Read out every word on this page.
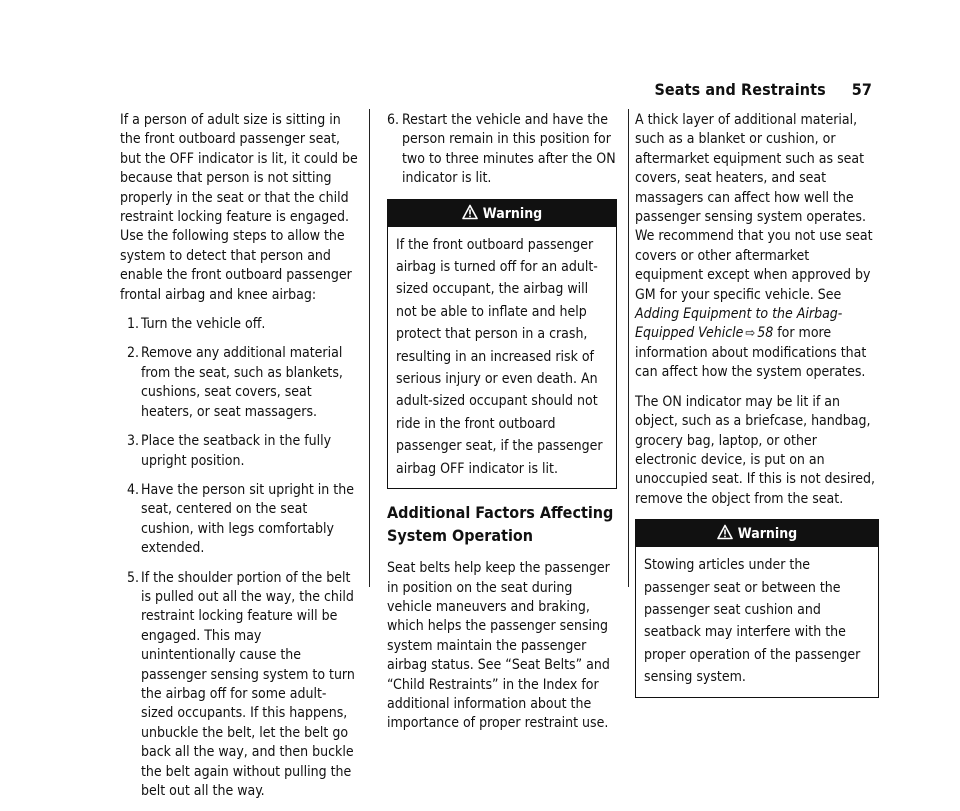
Seats and Restraints 57

If a person of adult size is sitting in the front outboard passenger seat, but the OFF indicator is lit, it could be because that person is not sitting properly in the seat or that the child restraint locking feature is engaged. Use the following steps to allow the system to detect that person and enable the front outboard passenger frontal airbag and knee airbag:

1. Turn the vehicle off.
2. Remove any additional material from the seat, such as blankets, cushions, seat covers, seat heaters, or seat massagers.
3. Place the seatback in the fully upright position.
4. Have the person sit upright in the seat, centered on the seat cushion, with legs comfortably extended.
5. If the shoulder portion of the belt is pulled out all the way, the child restraint locking feature will be engaged. This may unintentionally cause the passenger sensing system to turn the airbag off for some adult-sized occupants. If this happens, unbuckle the belt, let the belt go back all the way, and then buckle the belt again without pulling the belt out all the way.
6. Restart the vehicle and have the person remain in this position for two to three minutes after the ON indicator is lit.
Warning
If the front outboard passenger airbag is turned off for an adult-sized occupant, the airbag will not be able to inflate and help protect that person in a crash, resulting in an increased risk of serious injury or even death. An adult-sized occupant should not ride in the front outboard passenger seat, if the passenger airbag OFF indicator is lit.
Additional Factors Affecting System Operation

Seat belts help keep the passenger in position on the seat during vehicle maneuvers and braking, which helps the passenger sensing system maintain the passenger airbag status. See “Seat Belts” and “Child Restraints” in the Index for additional information about the importance of proper restraint use.

A thick layer of additional material, such as a blanket or cushion, or aftermarket equipment such as seat covers, seat heaters, and seat massagers can affect how well the passenger sensing system operates. We recommend that you not use seat covers or other aftermarket equipment except when approved by GM for your specific vehicle. See Adding Equipment to the Airbag-Equipped Vehicle ⇨ 58 for more information about modifications that can affect how the system operates.

The ON indicator may be lit if an object, such as a briefcase, handbag, grocery bag, laptop, or other electronic device, is put on an unoccupied seat. If this is not desired, remove the object from the seat.

Warning
Stowing articles under the passenger seat or between the passenger seat cushion and seatback may interfere with the proper operation of the passenger sensing system.
